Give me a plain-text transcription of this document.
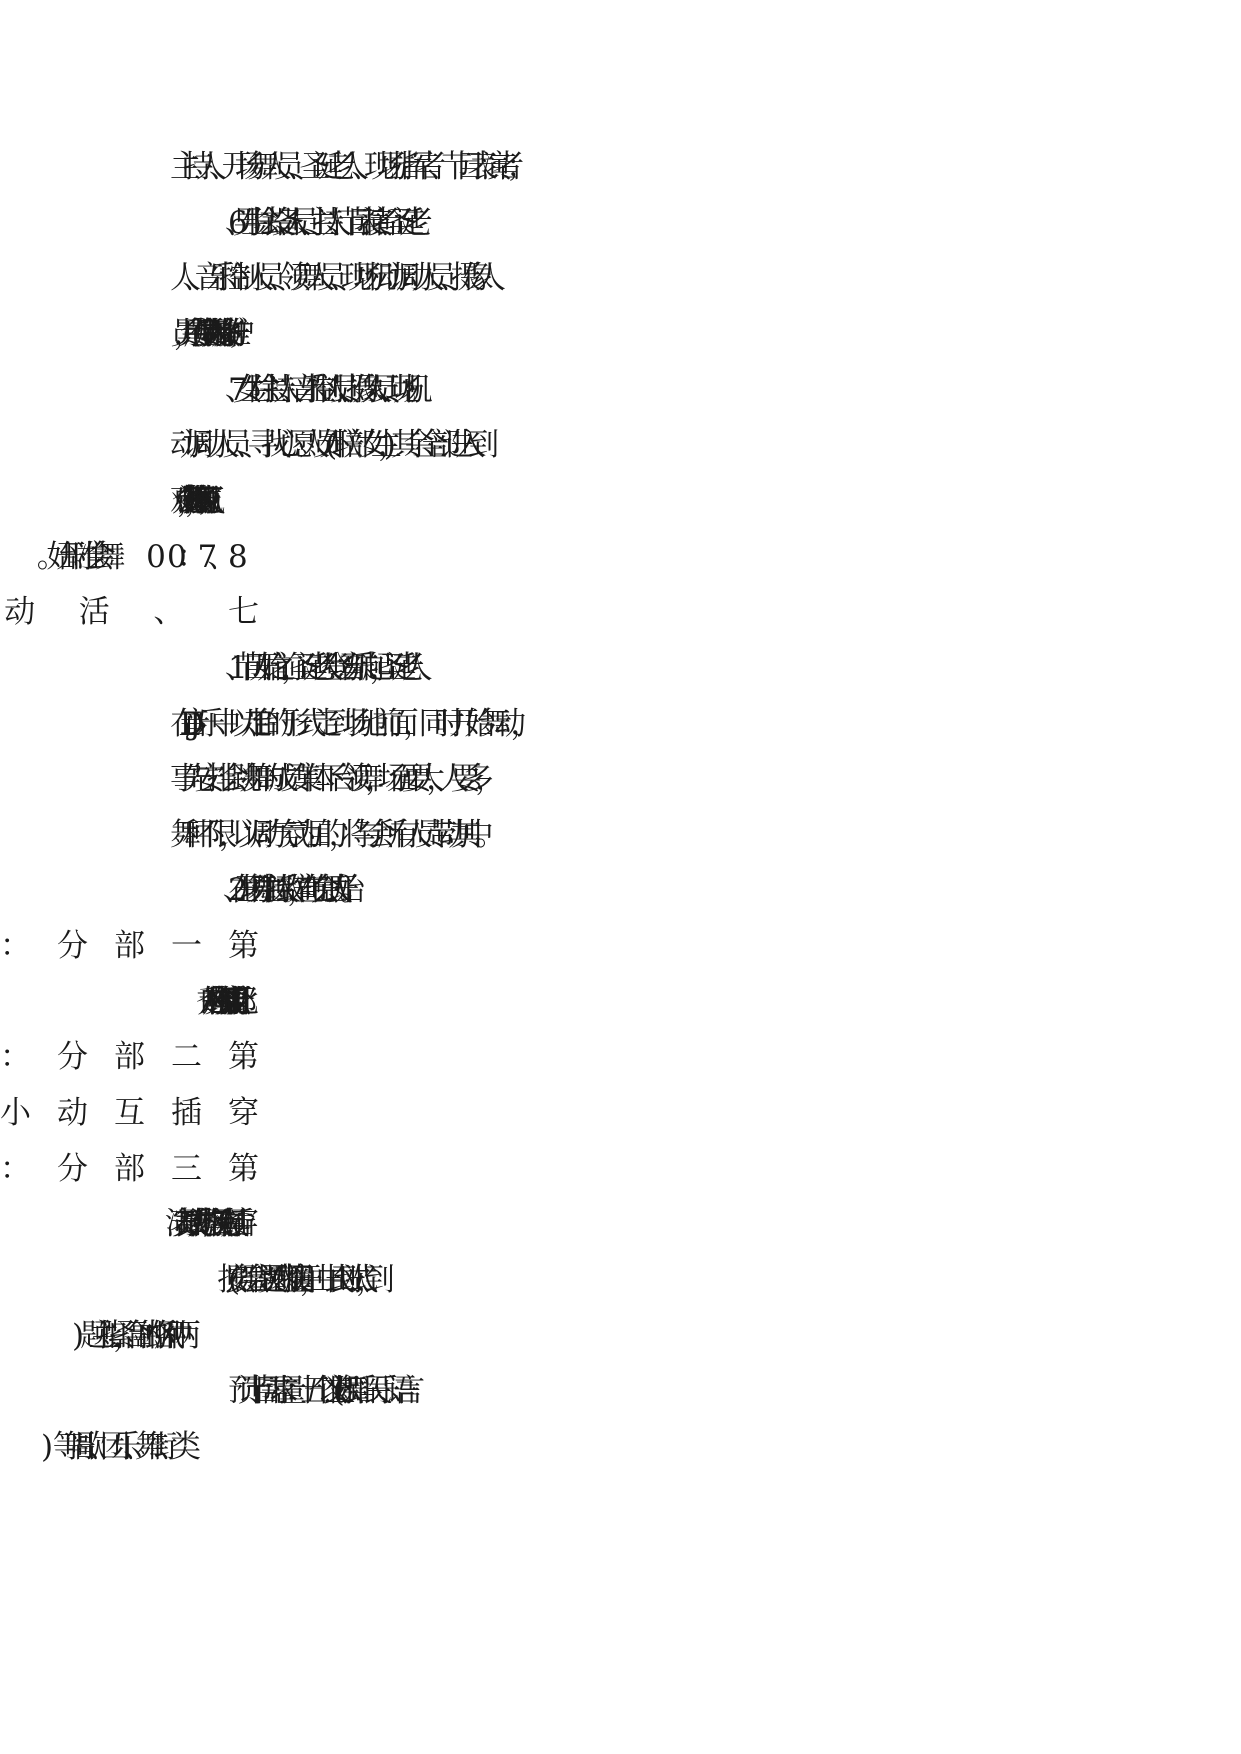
主持人、开场舞人员、圣诞老人、现场指挥者、节目表演者；
6、男生除去设备人员、主持人、节目表演者、圣诞老
人、音乐控制人员、领舞人员、现场机动调动人员、摄像人
员，其余所有主要负责现场秩序的维护；
7、女生除主持人、音乐控制人员、摄像人员、现场机
动调动人员、寻找心愿人员(外联部女生)，其余全部进入到
观众中去，进行领舞，调动现场气氛；
1、节目开始之前，圣诞老人登场音乐响起，圣诞老人
在 DJ 音乐中以走 T 台的形式走到场地前面，同时开始舞动，
事先安排会跳舞的成员集体下台领舞，场面要大，人要多，
舞种不限，以调动气氛为目的，将与会所有人员带动其中。
2、在开场舞中主持人致辞，宣布晚会正式开始。
(按照舞会主题“灵感碰撞”展开，由中式到欧式，到
预计节目需求量：十五个以上(交际舞蹈、民乐、语言
